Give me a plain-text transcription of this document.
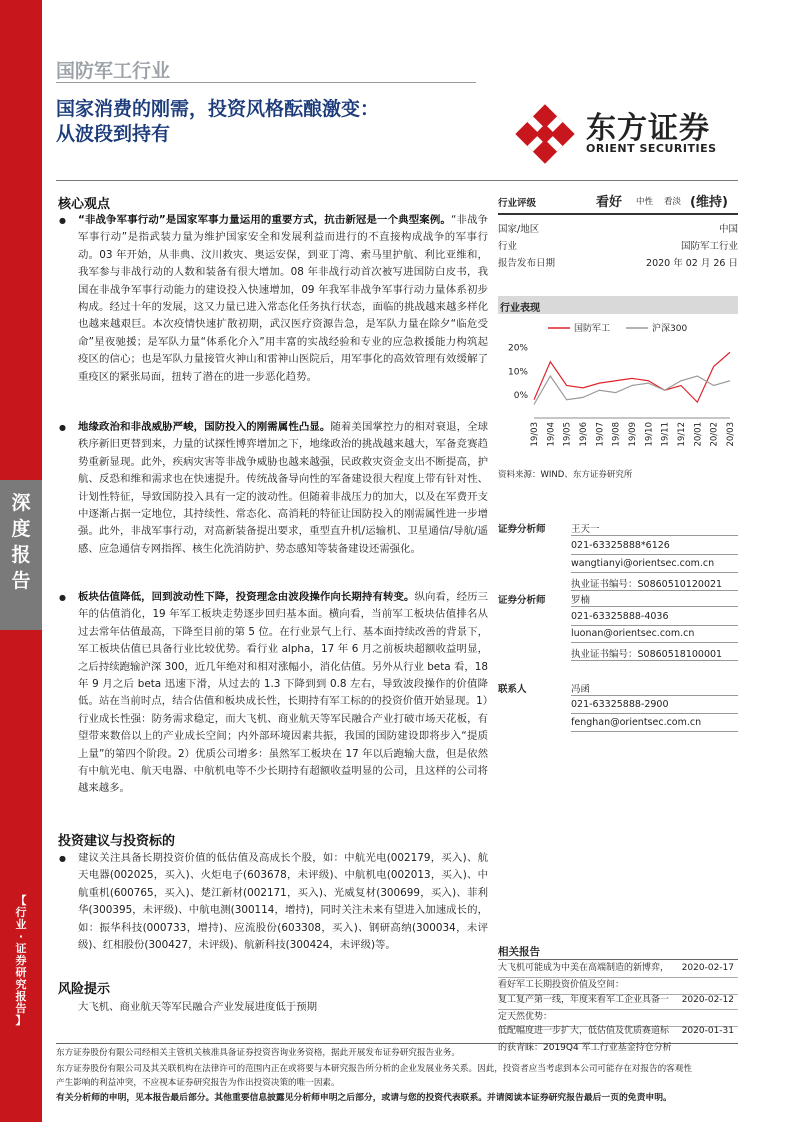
深
度
报
告
【
行
业
·
证
券
研
究
报
告
】
国防军工行业
国家消费的刚需，投资风格酝酿激变：
从波段到持有	东方证券
ORIENT SECURITIES
核心观点
●	“非战争军事行动”是国家军事力量运用的重要方式，抗击新冠是一个典型案例。“非战争军事行动”是指武装力量为维护国家安全和发展利益而进行的不直接构成战争的军事行动。03 年开始，从非典、汶川救灾、奥运安保，到亚丁湾、索马里护航、利比亚维和，我军参与非战行动的人数和装备有很大增加。08 年非战行动首次被写进国防白皮书，我国在非战争军事行动能力的建设投入快速增加，09 年我军非战争军事行动力量体系初步构成。经过十年的发展，这又力量已进入常态化任务执行状态，面临的挑战越来越多样化也越来越艰巨。本次疫情快速扩散初期，武汉医疗资源告急，是军队力量在除夕“临危受命”星夜驰援；是军队力量“体系化介入”用丰富的实战经验和专业的应急救援能力构筑起疫区的信心；也是军队力量接管火神山和雷神山医院后，用军事化的高效管理有效缓解了重疫区的紧张局面，扭转了潜在的进一步恶化趋势。
●	地缘政治和非战威胁严峻，国防投入的刚需属性凸显。随着美国掌控力的相对衰退，全球秩序新旧更替到来，力量的试探性博弈增加之下，地缘政治的挑战越来越大，军备竞赛趋势重新显现。此外，疾病灾害等非战争威胁也越来越强，民政救灾资金支出不断提高，护航、反恐和维和需求也在快速提升。传统战备导向性的军备建设很大程度上带有针对性、计划性特征，导致国防投入具有一定的波动性。但随着非战压力的加大，以及在军费开支中逐渐占据一定地位，其持续性、常态化、高消耗的特征让国防投入的刚需属性进一步增强。此外，非战军事行动，对高新装备提出要求，重型直升机/运输机、卫星通信/导航/遥感、应急通信专网指挥、核生化洗消防护、势态感知等装备建设还需强化。
●	板块估值降低，回到波动性下降，投资理念由波段操作向长期持有转变。纵向看，经历三年的估值消化，19 年军工板块走势逐步回归基本面。横向看，当前军工板块估值排名从过去常年估值最高，下降至目前的第 5 位。在行业景气上行、基本面持续改善的背景下，军工板块估值已具备行业比较优势。看行业 alpha，17 年 6 月之前板块超额收益明显，之后持续跑输沪深 300，近几年绝对和相对涨幅小，消化估值。另外从行业 beta 看，18 年 9 月之后 beta 迅速下滑，从过去的 1.3 下降到到 0.8 左右，导致波段操作的价值降低。站在当前时点，结合估值和板块成长性，长期持有军工标的的投资价值开始显现。1）行业成长性强：防务需求稳定，而大飞机、商业航天等军民融合产业打破市场天花板，有望带来数倍以上的产业成长空间；内外部环境因素共振，我国的国防建设即将步入“提质上量”的第四个阶段。2）优质公司增多：虽然军工板块在 17 年以后跑输大盘，但是依然有中航光电、航天电器、中航机电等不少长期持有超额收益明显的公司，且这样的公司将越来越多。
投资建议与投资标的
●	建议关注具备长期投资价值的低估值及高成长个股，如：中航光电(002179，买入)、航天电器(002025，买入)、火炬电子(603678，未评级)、中航机电(002013，买入)、中航重机(600765，买入)、楚江新材(002171，买入)、光威复材(300699，买入)、菲利华(300395，未评级)、中航电测(300114，增持)，同时关注未来有望进入加速成长的，如：振华科技(000733，增持)、应流股份(603308，买入)、钢研高纳(300034，未评级)、红相股份(300427，未评级)、航新科技(300424，未评级)等。
风险提示
大飞机、商业航天等军民融合产业发展进度低于预期
行业评级	看好 中性 看淡 (维持)
国家/地区	中国
行业	国防军工行业
报告发布日期	2020 年 02 月 26 日
行业表现
国防军工	沪深300
20%
10%
0%
19/03 19/04 19/05 19/06 19/07 19/08 19/09 19/10 19/11 19/12 20/01 20/02 20/03
资料来源：WIND、东方证券研究所
证券分析师	王天一
021-63325888*6126
wangtianyi@orientsec.com.cn
执业证书编号：S0860510120021
证券分析师	罗楠
021-63325888-4036
luonan@orientsec.com.cn
执业证书编号：S0860518100001
联系人	冯函
021-63325888-2900
fenghan@orientsec.com.cn
相关报告
大飞机可能成为中美在高端制造的新博弈，
看好军工长期投资价值及空间：
2020-02-17
复工复产第一线，年度来看军工企业具备一
定天然优势：
2020-02-12
低配幅度进一步扩大，低估值及优质赛道标
的获青睐：2019Q4 军工行业基金持仓分析
2020-01-31
东方证券股份有限公司经相关主管机关核准具备证券投资咨询业务资格，据此开展发布证券研究报告业务。
东方证券股份有限公司及其关联机构在法律许可的范围内正在或将要与本研究报告所分析的企业发展业务关系。因此，投资者应当考虑到本公司可能存在对报告的客观性
产生影响的利益冲突，不应视本证券研究报告为作出投资决策的唯一因素。
有关分析师的申明，见本报告最后部分。其他重要信息披露见分析师申明之后部分，或请与您的投资代表联系。并请阅读本证券研究报告最后一页的免责申明。
